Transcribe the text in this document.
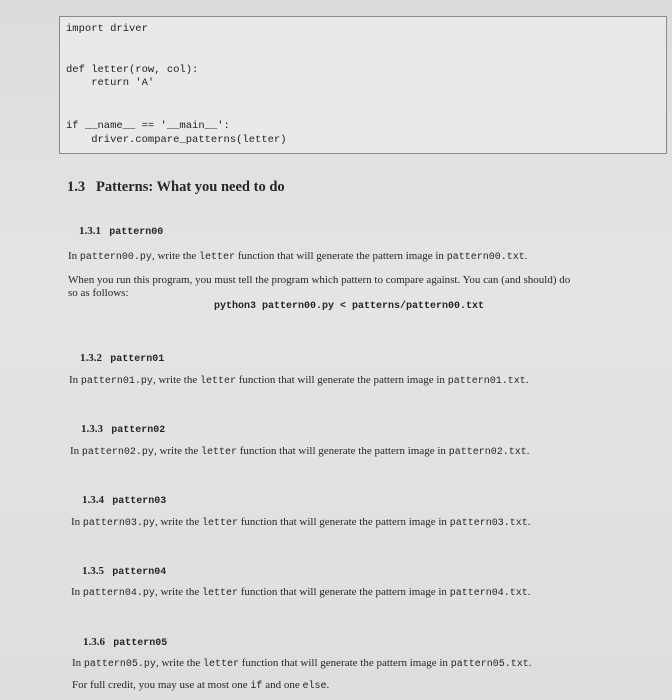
import driver
def letter(row, col):
return 'A'
if __name__ == '__main__':
driver.compare_patterns(letter)
1.3 Patterns: What you need to do

1.3.1 pattern00

In pattern00.py, write the letter function that will generate the pattern image in pattern00.txt.
When you run this program, you must tell the program which pattern to compare against. You can (and should) do
so as follows:
python3 pattern00.py < patterns/pattern00.txt

1.3.2 pattern01

In pattern01.py, write the letter function that will generate the pattern image in pattern01.txt.

1.3.3 pattern02

In pattern02.py, write the letter function that will generate the pattern image in pattern02.txt.

1.3.4 pattern03

In pattern03.py, write the letter function that will generate the pattern image in pattern03.txt.

1.3.5 pattern04

In pattern04.py, write the letter function that will generate the pattern image in pattern04.txt.

1.3.6 pattern05

In pattern05.py, write the letter function that will generate the pattern image in pattern05.txt.
For full credit, you may use at most one if and one else.
